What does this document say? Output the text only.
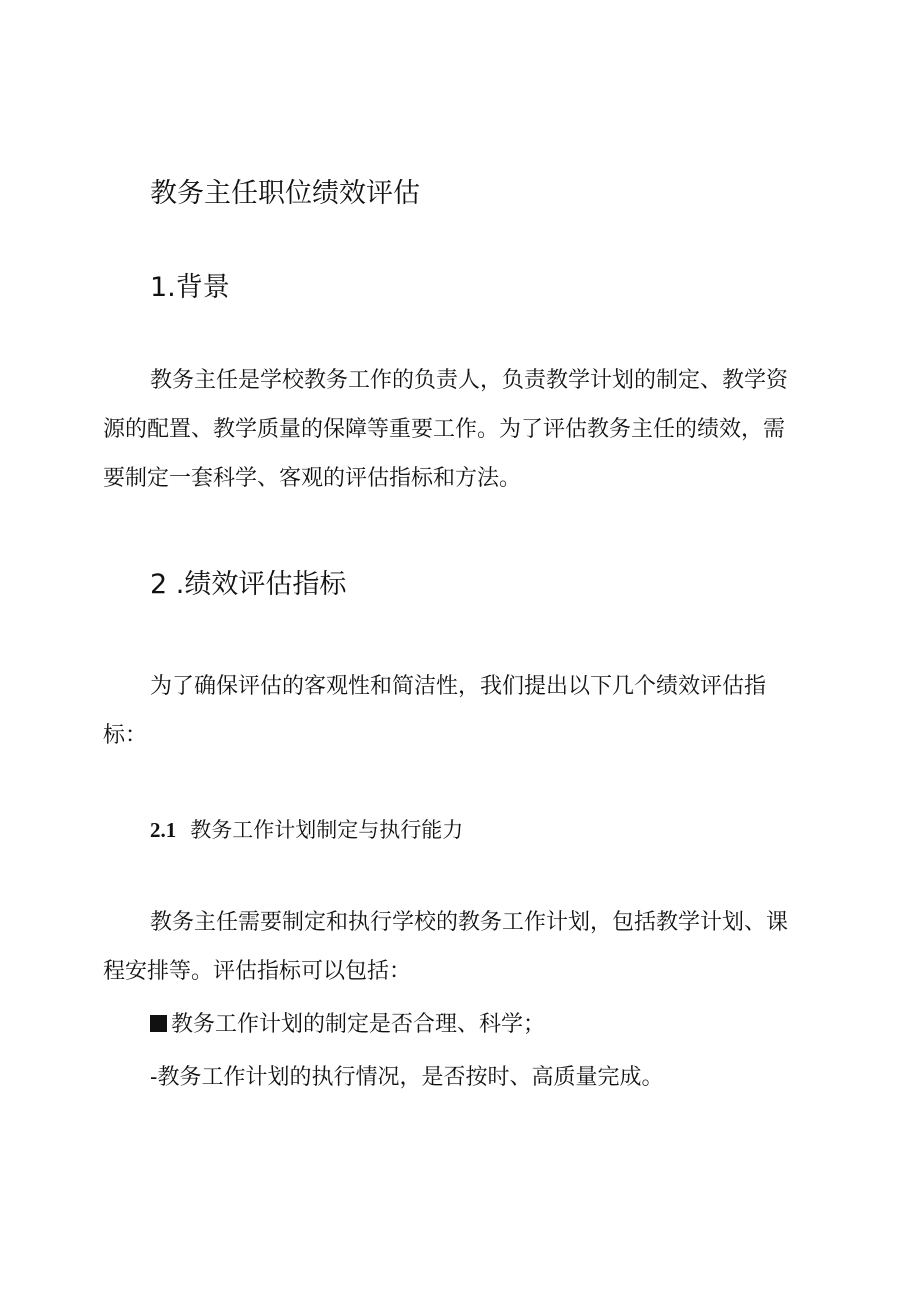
教务主任职位绩效评估
1.背景

教务主任是学校教务工作的负责人，负责教学计划的制定、教学资源的配置、教学质量的保障等重要工作。为了评估教务主任的绩效，需要制定一套科学、客观的评估指标和方法。

2 .绩效评估指标

为了确保评估的客观性和简洁性，我们提出以下几个绩效评估指标：

2.1 教务工作计划制定与执行能力

教务主任需要制定和执行学校的教务工作计划，包括教学计划、课程安排等。评估指标可以包括：

教务工作计划的制定是否合理、科学；
-教务工作计划的执行情况，是否按时、高质量完成。
